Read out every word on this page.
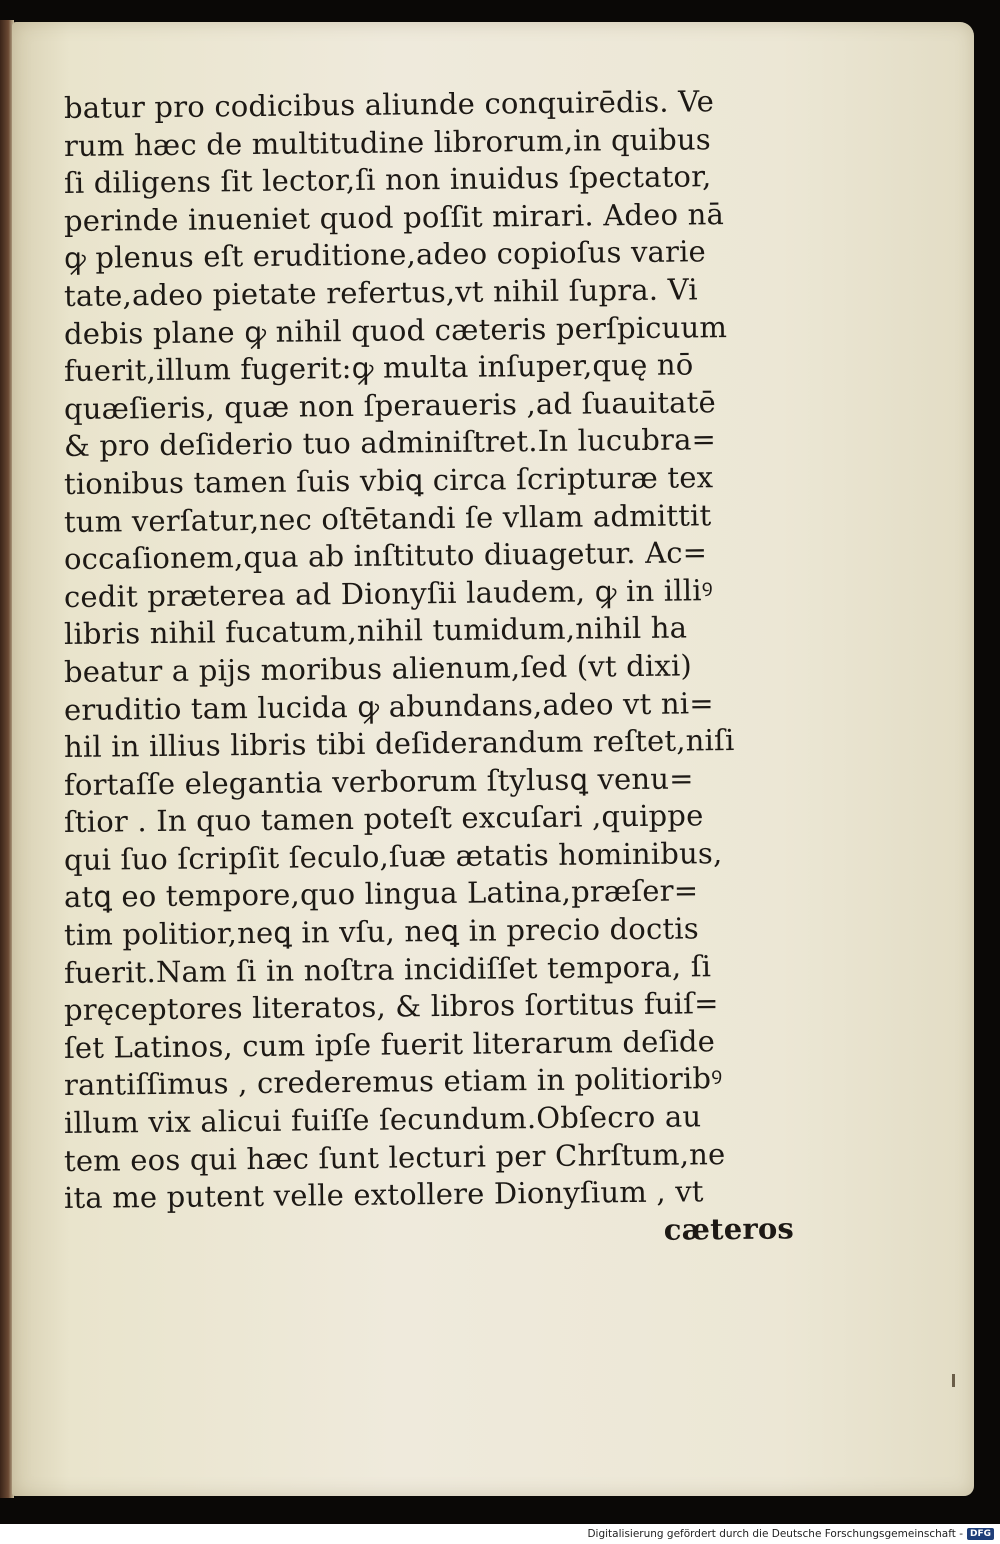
batur pro codicibus aliunde conquirēdis. Ve
rum hæc de multitudine librorum,in quibus
ſi diligens ſit lector,ſi non inuidus ſpectator,
perinde inueniet quod poſſit mirari. Adeo nā
ꝙ plenus eſt eruditione,adeo copioſus varie
tate,adeo pietate refertus,vt nihil ſupra. Vi
debis plane ꝙ nihil quod cæteris perſpicuum
fuerit,illum fugerit:ꝙ multa inſuper,quę nō
quæſieris, quæ non ſperaueris ,ad ſuauitatē
& pro deſiderio tuo adminiſtret.In lucubra=
tionibus tamen ſuis vbiꝗ circa ſcripturæ tex
tum verſatur,nec oſtētandi ſe vllam admittit
occaſionem,qua ab inſtituto diuagetur. Ac=
cedit præterea ad Dionyſii laudem, ꝙ in illiꝰ
libris nihil fucatum,nihil tumidum,nihil ha
beatur a pijs moribus alienum,ſed (vt dixi)
eruditio tam lucida ꝙ abundans,adeo vt ni=
hil in illius libris tibi deſiderandum reſtet,niſi
fortaſſe elegantia verborum ſtylusꝗ venu=
ſtior . In quo tamen poteſt excuſari ,quippe
qui ſuo ſcripſit ſeculo,ſuæ ætatis hominibus,
atꝗ eo tempore,quo lingua Latina,præſer=
tim politior,neꝗ in vſu, neꝗ in precio doctis
fuerit.Nam ſi in noſtra incidiſſet tempora, ſi
pręceptores literatos, & libros ſortitus fuiſ=
ſet Latinos, cum ipſe fuerit literarum deſide
rantiſſimus , crederemus etiam in politioribꝰ
illum vix alicui fuiſſe ſecundum.Obſecro au
tem eos qui hæc ſunt lecturi per Chrſtum,ne
ita me putent velle extollere Dionyſium , vt
cæteros
Digitalisierung gefördert durch die Deutsche Forschungsgemeinschaft - DFG
